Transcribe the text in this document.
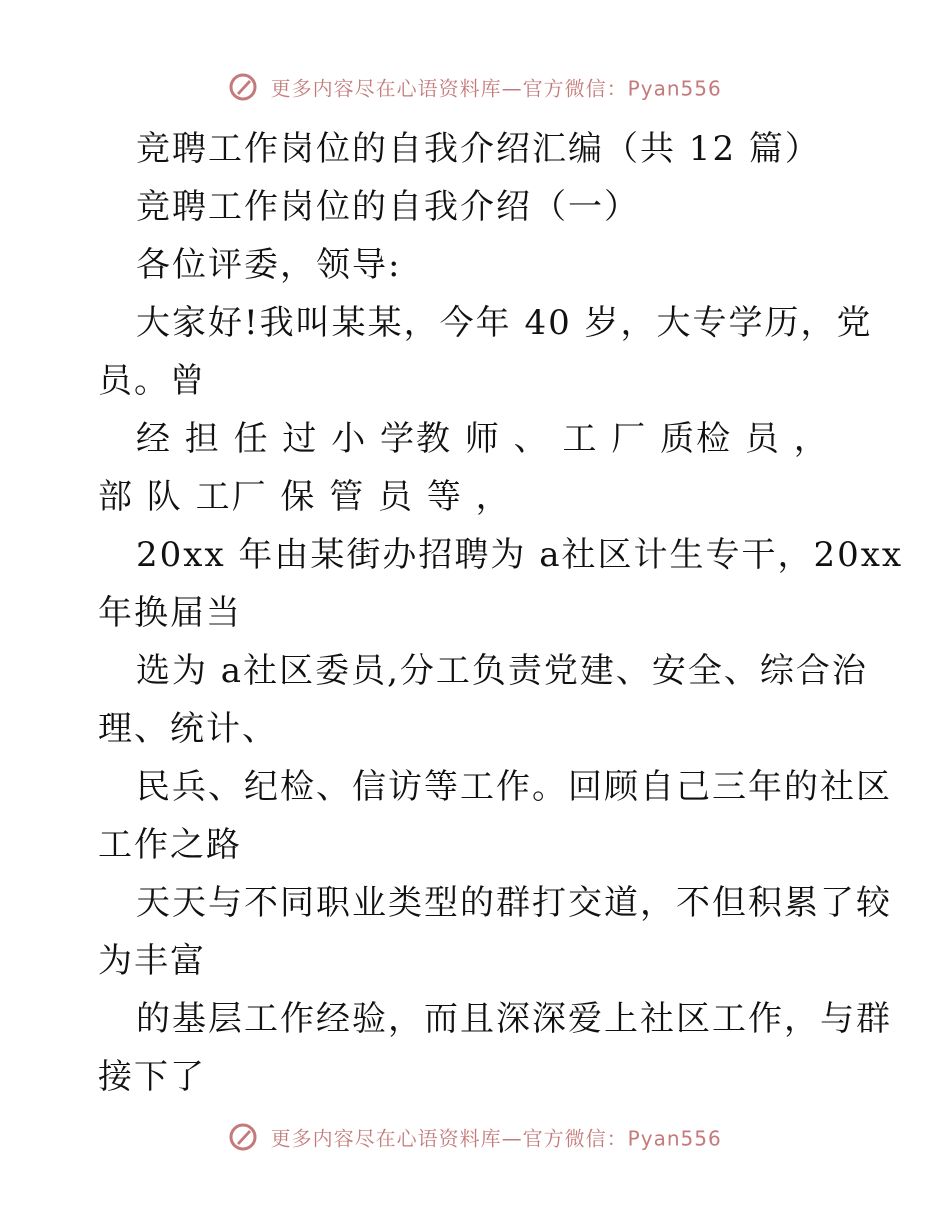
更多内容尽在心语资料库—官方微信：Pyan556
竞聘工作岗位的自我介绍汇编（共 12 篇）
竞聘工作岗位的自我介绍（一）
各位评委，领导:
大家好!我叫某某，今年 40 岁，大专学历，党
员。曾
经 担 任 过 小 学教 师 、 工 厂 质检 员 ，
部 队 工厂 保 管 员 等 ，
20xx 年由某街办招聘为 a社区计生专干，20xx
年换届当
选为 a社区委员,分工负责党建、安全、综合治
理、统计、
民兵、纪检、信访等工作。回顾自己三年的社区
工作之路
天天与不同职业类型的群打交道，不但积累了较
为丰富
的基层工作经验，而且深深爱上社区工作，与群
接下了
更多内容尽在心语资料库—官方微信：Pyan556
